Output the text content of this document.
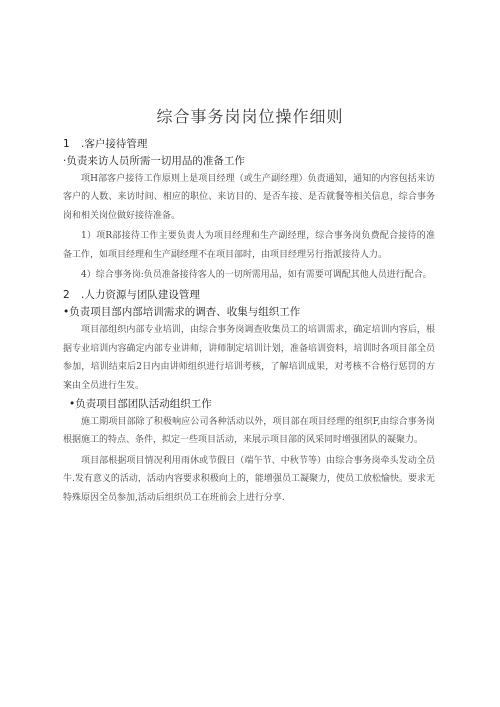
综合事务岗岗位操作细则
1 .客户接待管理
·负责来访人员所需一切用品的准备工作

项H部客户接待工作原则上是项目经理（或生产副经理）负责通知，通知的内容包括来访客户的人数、来访时间、相应的职位、来访目的、是否车接、是否就餐等相关信息，综合事务岗和相关岗位做好接待准备。

1）项R部接待工作主要负责人为项目经理和生产副经理，综合事务岗负费配合接待的准备工作，如项目经理和生产副经理不在项目部时，由项目经理另行指派接待人力。

4）综合事务岗:负员准备接待客人的一切所需用品，如有需要可调配其他人员进行配合。

2 .人力资源与团队建设管理
•负责项目部内部培训需求的调杳、收集与组织工作

项目部组织内部专业培训，由综合事务岗调查收集员工的培训需求，确定培训内容后，根据专业培训内容确定内部专业讲师，讲师制定培训计划，准备培训资料，培训时各项目部全员参加，培训结束后2日内由讲师组织进行培训考核，了解培训成果，对考核不合格行惩罚的方案由全员进行生发。

•负责项目部团队活动组织工作

施工期项目部除了积极响应公司各种活动以外，项目部在项目经理的组织F,由综合事务岗根据施工的特点、条件，拟定一些项目活动，来展示项目部的风采同时增强团队的凝聚力。

项目部根据项目情况利用雨休或节假日（端午节、中秋节等）由综合事务岗牵头发动全员牛.发有意义的活动，活动内容要求积极向上的，能增强员工凝聚力，使员工放松愉快。要求无特殊原因全员参加,活动后组织员工在班前会上进行分享.
